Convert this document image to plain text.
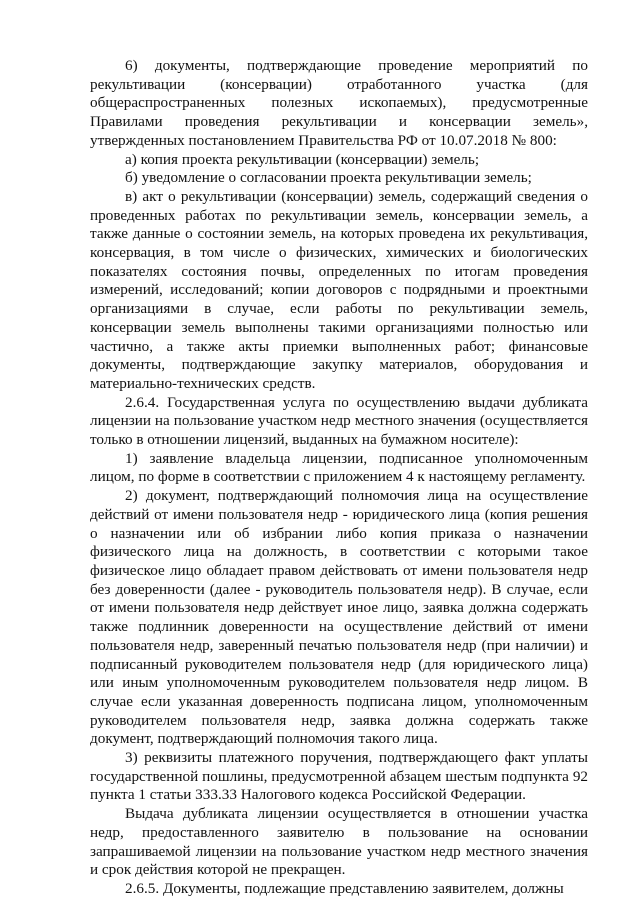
6) документы, подтверждающие проведение мероприятий по рекультивации (консервации) отработанного участка (для общераспространенных полезных ископаемых), предусмотренные Правилами проведения рекультивации и консервации земель», утвержденных постановлением Правительства РФ от 10.07.2018 № 800:

а) копия проекта рекультивации (консервации) земель;

б) уведомление о согласовании проекта рекультивации земель;

в) акт о рекультивации (консервации) земель, содержащий сведения о проведенных работах по рекультивации земель, консервации земель, а также данные о состоянии земель, на которых проведена их рекультивация, консервация, в том числе о физических, химических и биологических показателях состояния почвы, определенных по итогам проведения измерений, исследований; копии договоров с подрядными и проектными организациями в случае, если работы по рекультивации земель, консервации земель выполнены такими организациями полностью или частично, а также акты приемки выполненных работ; финансовые документы, подтверждающие закупку материалов, оборудования и материально-технических средств.

2.6.4. Государственная услуга по осуществлению выдачи дубликата лицензии на пользование участком недр местного значения (осуществляется только в отношении лицензий, выданных на бумажном носителе):

1) заявление владельца лицензии, подписанное уполномоченным лицом, по форме в соответствии с приложением 4 к настоящему регламенту.

2) документ, подтверждающий полномочия лица на осуществление действий от имени пользователя недр - юридического лица (копия решения о назначении или об избрании либо копия приказа о назначении физического лица на должность, в соответствии с которыми такое физическое лицо обладает правом действовать от имени пользователя недр без доверенности (далее - руководитель пользователя недр). В случае, если от имени пользователя недр действует иное лицо, заявка должна содержать также подлинник доверенности на осуществление действий от имени пользователя недр, заверенный печатью пользователя недр (при наличии) и подписанный руководителем пользователя недр (для юридического лица) или иным уполномоченным руководителем пользователя недр лицом. В случае если указанная доверенность подписана лицом, уполномоченным руководителем пользователя недр, заявка должна содержать также документ, подтверждающий полномочия такого лица.

3) реквизиты платежного поручения, подтверждающего факт уплаты государственной пошлины, предусмотренной абзацем шестым подпункта 92 пункта 1 статьи 333.33 Налогового кодекса Российской Федерации.

Выдача дубликата лицензии осуществляется в отношении участка недр, предоставленного заявителю в пользование на основании запрашиваемой лицензии на пользование участком недр местного значения и срок действия которой не прекращен.

2.6.5. Документы, подлежащие представлению заявителем, должны
